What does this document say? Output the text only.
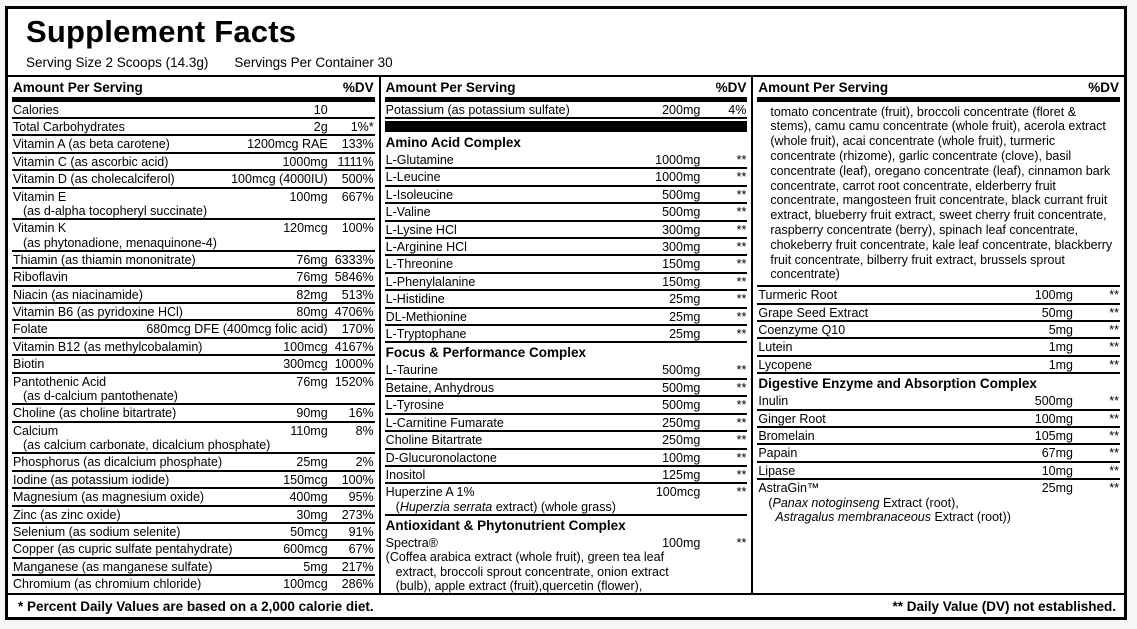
Supplement Facts
Serving Size 2 Scoops (14.3g) Servings Per Container 30
Amount Per Serving	%DV
Calories	10
Total Carbohydrates	2g	1%*
Vitamin A (as beta carotene)	1200mcg RAE	133%
Vitamin C (as ascorbic acid)	1000mg 1111%
Vitamin D (as cholecalciferol)	100mcg (4000IU)	500%
Vitamin E	100mg	667%
(as d-alpha tocopheryl succinate)
Vitamin K	120mcg	100%
(as phytonadione, menaquinone-4)
Thiamin (as thiamin mononitrate)	76mg 6333%
Riboflavin	76mg 5846%
Niacin (as niacinamide)	82mg	513%
Vitamin B6 (as pyridoxine HCl)	80mg 4706%
Folate	680mcg DFE (400mcg folic acid)	170%
Vitamin B12 (as methylcobalamin)	100mcg 4167%
Biotin	300mcg 1000%
Pantothenic Acid	76mg 1520%
(as d-calcium pantothenate)
Choline (as choline bitartrate)	90mg	16%
Calcium	110mg	8%
(as calcium carbonate, dicalcium phosphate)
Phosphorus (as dicalcium phosphate)	25mg	2%
Iodine (as potassium iodide)	150mcg	100%
Magnesium (as magnesium oxide)	400mg	95%
Zinc (as zinc oxide)	30mg	273%
Selenium (as sodium selenite)	50mcg	91%
Copper (as cupric sulfate pentahydrate)	600mcg	67%
Manganese (as manganese sulfate)	5mg	217%
Chromium (as chromium chloride)	100mcg	286%
Amount Per Serving	%DV
Potassium (as potassium sulfate)	200mg	4%
Amino Acid Complex
L-Glutamine	1000mg	**
L-Leucine	1000mg	**
L-Isoleucine	500mg	**
L-Valine	500mg	**
L-Lysine HCl	300mg	**
L-Arginine HCl	300mg	**
L-Threonine	150mg	**
L-Phenylalanine	150mg	**
L-Histidine	25mg	**
DL-Methionine	25mg	**
L-Tryptophane	25mg	**
Focus & Performance Complex
L-Taurine	500mg	**
Betaine, Anhydrous	500mg	**
L-Tyrosine	500mg	**
L-Carnitine Fumarate	250mg	**
Choline Bitartrate	250mg	**
D-Glucuronolactone	100mg	**
Inositol	125mg	**
Huperzine A 1%	100mcg	**
(Huperzia serrata extract) (whole grass)
Antioxidant & Phytonutrient Complex
Spectra®	100mg	**
(Coffea arabica extract (whole fruit), green tea leaf
extract, broccoli sprout concentrate, onion extract
(bulb), apple extract (fruit),quercetin (flower),
Amount Per Serving	%DV
tomato concentrate (fruit), broccoli concentrate (floret & stems), camu camu concentrate (whole fruit), acerola extract (whole fruit), acai concentrate (whole fruit), turmeric concentrate (rhizome), garlic concentrate (clove), basil concentrate (leaf), oregano concentrate (leaf), cinnamon bark concentrate, carrot root concentrate, elderberry fruit concentrate, mangosteen fruit concentrate, black currant fruit extract, blueberry fruit extract, sweet cherry fruit concentrate, raspberry concentrate (berry), spinach leaf concentrate, chokeberry fruit concentrate, kale leaf concentrate, blackberry fruit concentrate, bilberry fruit extract, brussels sprout concentrate)
Turmeric Root	100mg	**
Grape Seed Extract	50mg	**
Coenzyme Q10	5mg	**
Lutein	1mg	**
Lycopene	1mg	**
Digestive Enzyme and Absorption Complex
Inulin	500mg	**
Ginger Root	100mg	**
Bromelain	105mg	**
Papain	67mg	**
Lipase	10mg	**
AstraGin™	25mg	**
(Panax notoginseng Extract (root),
Astragalus membranaceous Extract (root))
* Percent Daily Values are based on a 2,000 calorie diet.	** Daily Value (DV) not established.
